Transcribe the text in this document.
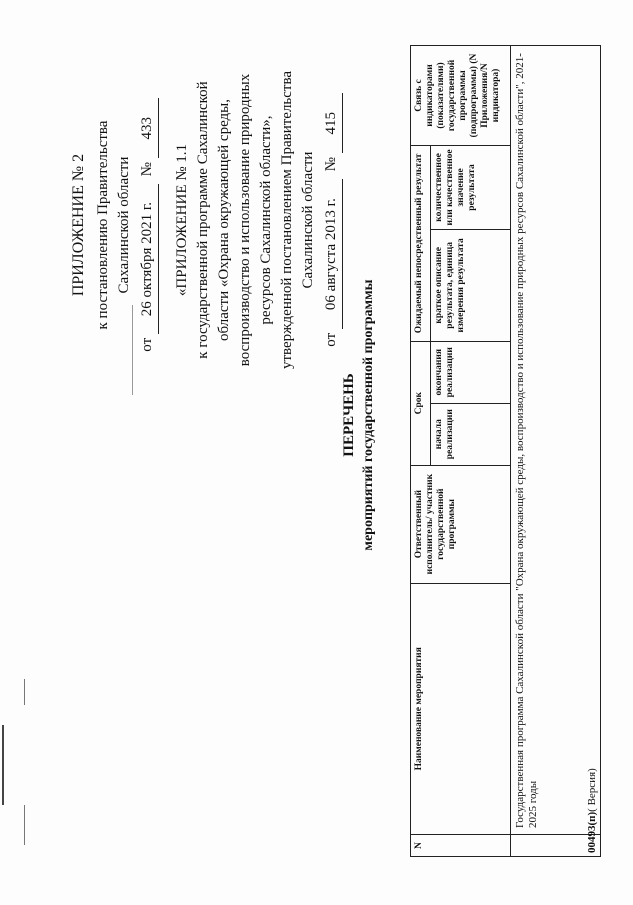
ПРИЛОЖЕНИЕ № 2 к постановлению Правительства Сахалинской области
от 26 октября 2021 г. № 433
«ПРИЛОЖЕНИЕ № 1.1 к государственной программе Сахалинской области «Охрана окружающей среды, воспроизводство и использование природных ресурсов Сахалинской области», утвержденной постановлением Правительства Сахалинской области
от 06 августа 2013 г. № 415
ПЕРЕЧЕНЬ мероприятий государственной программы
N	Наименование мероприятия	Ответственный исполнитель/ участник государственной программы	Срок		Ожидаемый непосредственный результат		Связь с индикаторами (показателями) государственной программы (подпрограммы) (N Приложения/N индикатора)
			начала реализации	окончания реализации	краткое описание результата, единица измерения результата	количественное или качественное значение результата	
	Государственная программа Сахалинской области "Охрана окружающей среды, воспроизводство и использование природных ресурсов Сахалинской области", 2021-2025 годы						
00493(п)( Версия)
